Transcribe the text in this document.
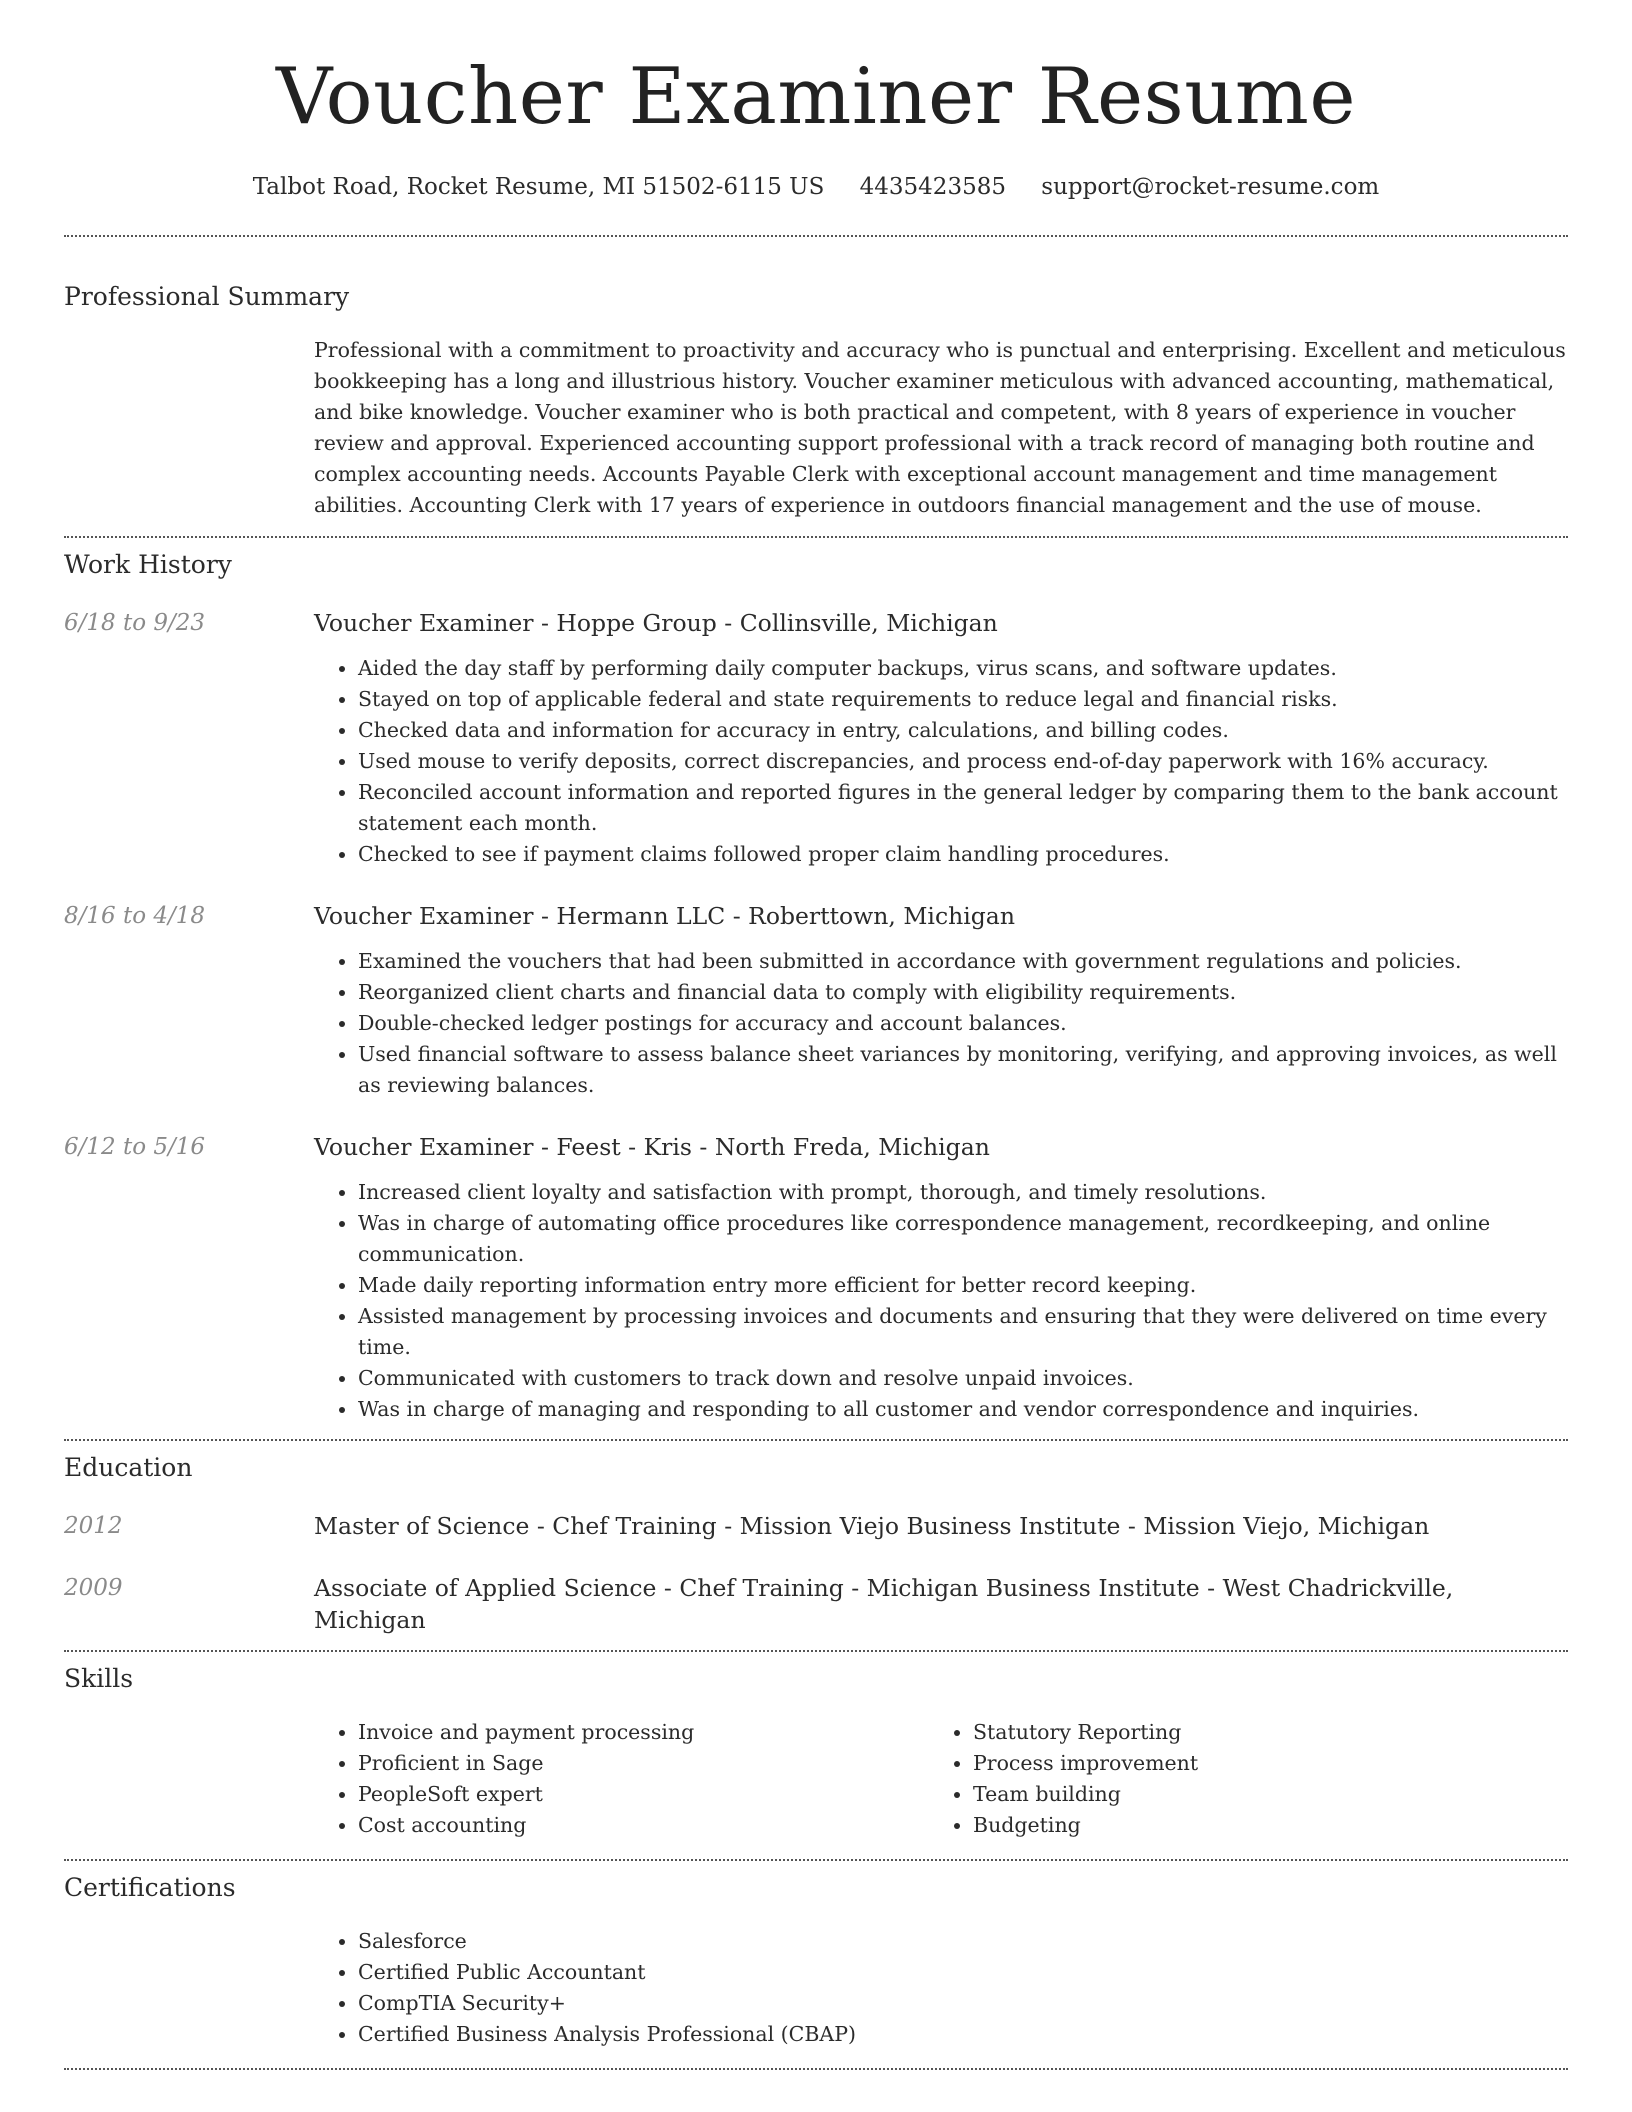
Voucher Examiner Resume
Talbot Road, Rocket Resume, MI 51502-6115 US 4435423585 support@rocket-resume.com
Professional Summary

Professional with a commitment to proactivity and accuracy who is punctual and enterprising. Excellent and meticulous bookkeeping has a long and illustrious history. Voucher examiner meticulous with advanced accounting, mathematical, and bike knowledge. Voucher examiner who is both practical and competent, with 8 years of experience in voucher review and approval. Experienced accounting support professional with a track record of managing both routine and complex accounting needs. Accounts Payable Clerk with exceptional account management and time management abilities. Accounting Clerk with 17 years of experience in outdoors financial management and the use of mouse.

Work History
6/18 to 9/23	Voucher Examiner - Hoppe Group - Collinsville, Michigan
• Aided the day staff by performing daily computer backups, virus scans, and software updates.
• Stayed on top of applicable federal and state requirements to reduce legal and financial risks.
• Checked data and information for accuracy in entry, calculations, and billing codes.
• Used mouse to verify deposits, correct discrepancies, and process end-of-day paperwork with 16% accuracy.
• Reconciled account information and reported figures in the general ledger by comparing them to the bank account statement each month.
• Checked to see if payment claims followed proper claim handling procedures.
8/16 to 4/18	Voucher Examiner - Hermann LLC - Roberttown, Michigan
• Examined the vouchers that had been submitted in accordance with government regulations and policies.
• Reorganized client charts and financial data to comply with eligibility requirements.
• Double-checked ledger postings for accuracy and account balances.
• Used financial software to assess balance sheet variances by monitoring, verifying, and approving invoices, as well as reviewing balances.
6/12 to 5/16	Voucher Examiner - Feest - Kris - North Freda, Michigan
• Increased client loyalty and satisfaction with prompt, thorough, and timely resolutions.
• Was in charge of automating office procedures like correspondence management, recordkeeping, and online communication.
• Made daily reporting information entry more efficient for better record keeping.
• Assisted management by processing invoices and documents and ensuring that they were delivered on time every time.
• Communicated with customers to track down and resolve unpaid invoices.
• Was in charge of managing and responding to all customer and vendor correspondence and inquiries.
Education
2012	Master of Science - Chef Training - Mission Viejo Business Institute - Mission Viejo, Michigan
2009	Associate of Applied Science - Chef Training - Michigan Business Institute - West Chadrickville, Michigan
Skills
• Invoice and payment processing
• Proficient in Sage
• PeopleSoft expert
• Cost accounting
• Statutory Reporting
• Process improvement
• Team building
• Budgeting
Certifications
• Salesforce
• Certified Public Accountant
• CompTIA Security+
• Certified Business Analysis Professional (CBAP)
